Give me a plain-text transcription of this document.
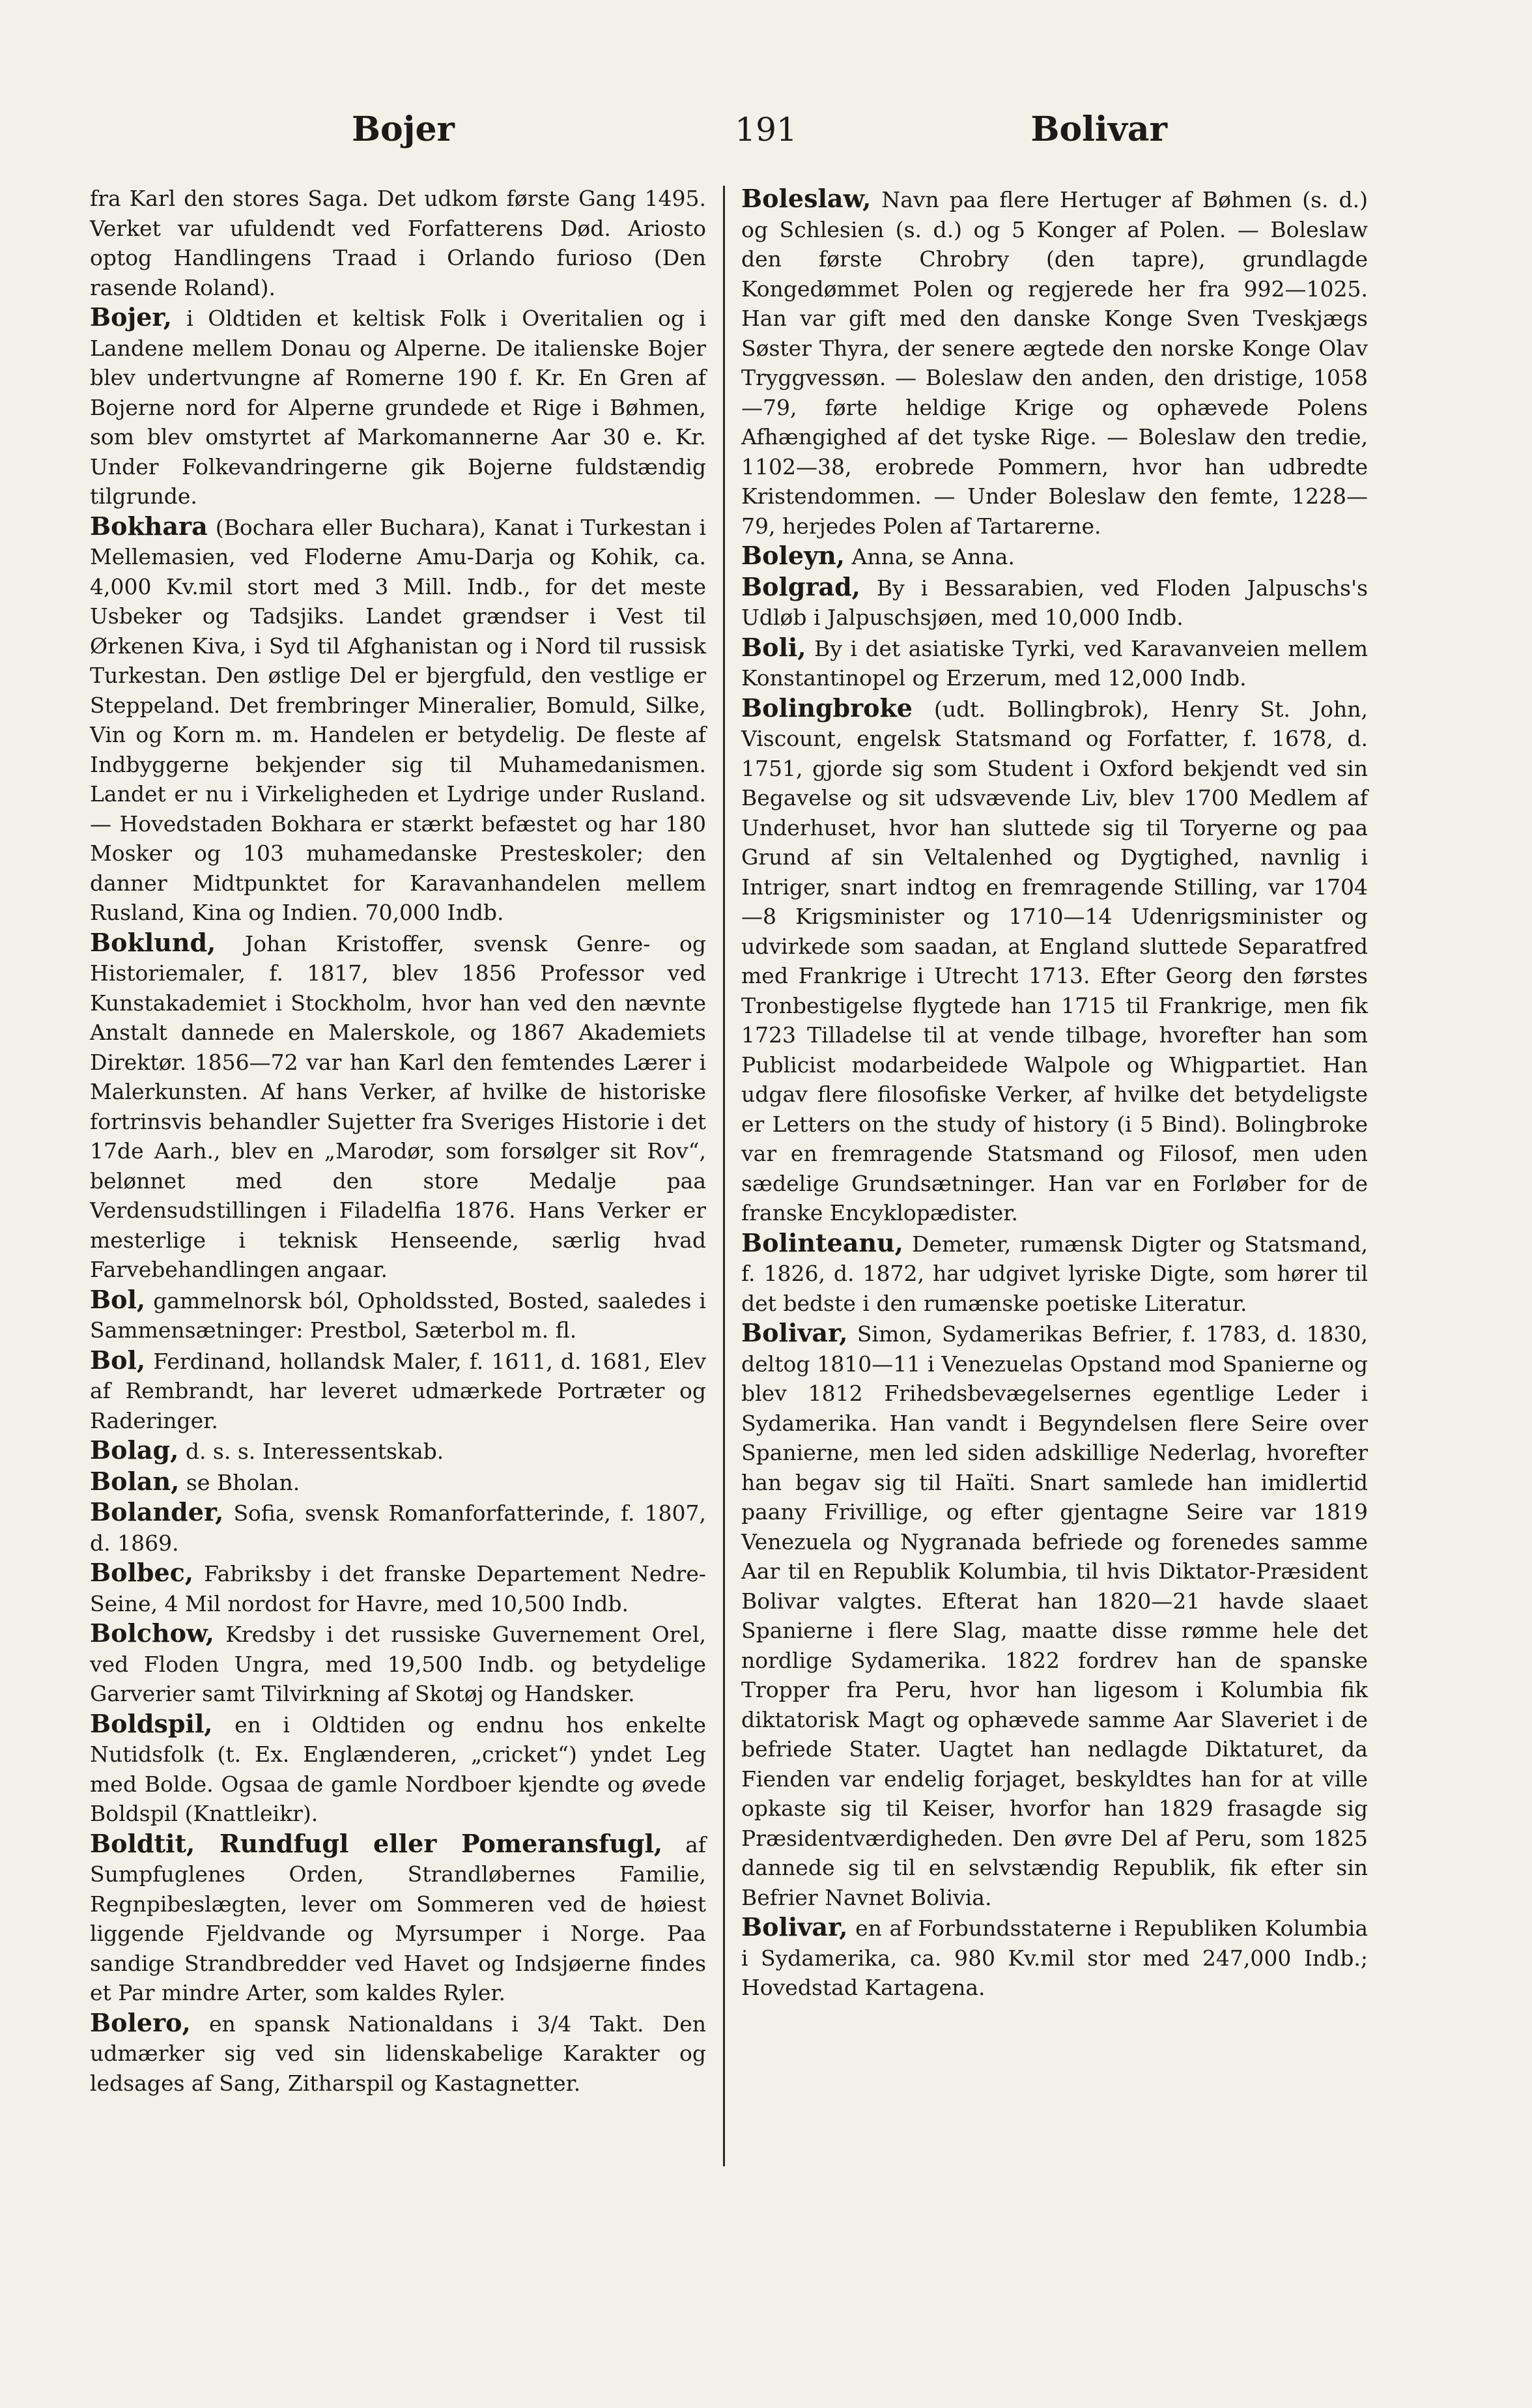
Bojer	191	Bolivar

fra Karl den stores Saga. Det udkom første Gang 1495. Verket var ufuldendt ved Forfatterens Død. Ariosto optog Handlingens Traad i Orlando furioso (Den rasende Roland).

Bojer, i Oldtiden et keltisk Folk i Overitalien og i Landene mellem Donau og Alperne. De italienske Bojer blev undertvungne af Romerne 190 f. Kr. En Gren af Bojerne nord for Alperne grundede et Rige i Bøhmen, som blev omstyrtet af Markomannerne Aar 30 e. Kr. Under Folkevandringerne gik Bojerne fuldstændig tilgrunde.

Bokhara (Bochara eller Buchara), Kanat i Turkestan i Mellemasien, ved Floderne Amu-Darja og Kohik, ca. 4,000 Kv.mil stort med 3 Mill. Indb., for det meste Usbeker og Tadsjiks. Landet grændser i Vest til Ørkenen Kiva, i Syd til Afghanistan og i Nord til russisk Turkestan. Den østlige Del er bjergfuld, den vestlige er Steppeland. Det frembringer Mineralier, Bomuld, Silke, Vin og Korn m. m. Handelen er betydelig. De fleste af Indbyggerne bekjender sig til Muhamedanismen. Landet er nu i Virkeligheden et Lydrige under Rusland. — Hovedstaden Bokhara er stærkt befæstet og har 180 Mosker og 103 muhamedanske Presteskoler; den danner Midtpunktet for Karavanhandelen mellem Rusland, Kina og Indien. 70,000 Indb.

Boklund, Johan Kristoffer, svensk Genre- og Historiemaler, f. 1817, blev 1856 Professor ved Kunstakademiet i Stockholm, hvor han ved den nævnte Anstalt dannede en Malerskole, og 1867 Akademiets Direktør. 1856—72 var han Karl den femtendes Lærer i Malerkunsten. Af hans Verker, af hvilke de historiske fortrinsvis behandler Sujetter fra Sveriges Historie i det 17de Aarh., blev en „Marodør, som forsølger sit Rov“, belønnet med den store Medalje paa Verdensudstillingen i Filadelfia 1876. Hans Verker er mesterlige i teknisk Henseende, særlig hvad Farvebehandlingen angaar.

Bol, gammelnorsk ból, Opholdssted, Bosted, saaledes i Sammensætninger: Prestbol, Sæterbol m. fl.

Bol, Ferdinand, hollandsk Maler, f. 1611, d. 1681, Elev af Rembrandt, har leveret udmærkede Portræter og Raderinger.

Bolag, d. s. s. Interessentskab.

Bolan, se Bholan.

Bolander, Sofia, svensk Romanforfatterinde, f. 1807, d. 1869.

Bolbec, Fabriksby i det franske Departement Nedre-Seine, 4 Mil nordost for Havre, med 10,500 Indb.

Bolchow, Kredsby i det russiske Guvernement Orel, ved Floden Ungra, med 19,500 Indb. og betydelige Garverier samt Tilvirkning af Skotøj og Handsker.

Boldspil, en i Oldtiden og endnu hos enkelte Nutidsfolk (t. Ex. Englænderen, „cricket“) yndet Leg med Bolde. Ogsaa de gamle Nordboer kjendte og øvede Boldspil (Knattleikr).

Boldtit, Rundfugl eller Pomeransfugl, af Sumpfuglenes Orden, Strandløbernes Familie, Regnpibeslægten, lever om Sommeren ved de høiest liggende Fjeldvande og Myrsumper i Norge. Paa sandige Strandbredder ved Havet og Indsjøerne findes et Par mindre Arter, som kaldes Ryler.

Bolero, en spansk Nationaldans i 3/4 Takt. Den udmærker sig ved sin lidenskabelige Karakter og ledsages af Sang, Zitharspil og Kastagnetter.

Boleslaw, Navn paa flere Hertuger af Bøhmen (s. d.) og Schlesien (s. d.) og 5 Konger af Polen. — Boleslaw den første Chrobry (den tapre), grundlagde Kongedømmet Polen og regjerede her fra 992—1025. Han var gift med den danske Konge Sven Tveskjægs Søster Thyra, der senere ægtede den norske Konge Olav Tryggvessøn. — Boleslaw den anden, den dristige, 1058—79, førte heldige Krige og ophævede Polens Afhængighed af det tyske Rige. — Boleslaw den tredie, 1102—38, erobrede Pommern, hvor han udbredte Kristendommen. — Under Boleslaw den femte, 1228—79, herjedes Polen af Tartarerne.

Boleyn, Anna, se Anna.

Bolgrad, By i Bessarabien, ved Floden Jalpuschs's Udløb i Jalpuschsjøen, med 10,000 Indb.

Boli, By i det asiatiske Tyrki, ved Karavanveien mellem Konstantinopel og Erzerum, med 12,000 Indb.

Bolingbroke (udt. Bollingbrok), Henry St. John, Viscount, engelsk Statsmand og Forfatter, f. 1678, d. 1751, gjorde sig som Student i Oxford bekjendt ved sin Begavelse og sit udsvævende Liv, blev 1700 Medlem af Underhuset, hvor han sluttede sig til Toryerne og paa Grund af sin Veltalenhed og Dygtighed, navnlig i Intriger, snart indtog en fremragende Stilling, var 1704—8 Krigsminister og 1710—14 Udenrigsminister og udvirkede som saadan, at England sluttede Separatfred med Frankrige i Utrecht 1713. Efter Georg den førstes Tronbestigelse flygtede han 1715 til Frankrige, men fik 1723 Tilladelse til at vende tilbage, hvorefter han som Publicist modarbeidede Walpole og Whigpartiet. Han udgav flere filosofiske Verker, af hvilke det betydeligste er Letters on the study of history (i 5 Bind). Bolingbroke var en fremragende Statsmand og Filosof, men uden sædelige Grundsætninger. Han var en Forløber for de franske Encyklopædister.

Bolinteanu, Demeter, rumænsk Digter og Statsmand, f. 1826, d. 1872, har udgivet lyriske Digte, som hører til det bedste i den rumænske poetiske Literatur.

Bolivar, Simon, Sydamerikas Befrier, f. 1783, d. 1830, deltog 1810—11 i Venezuelas Opstand mod Spanierne og blev 1812 Frihedsbevægelsernes egentlige Leder i Sydamerika. Han vandt i Begyndelsen flere Seire over Spanierne, men led siden adskillige Nederlag, hvorefter han begav sig til Haïti. Snart samlede han imidlertid paany Frivillige, og efter gjentagne Seire var 1819 Venezuela og Nygranada befriede og forenedes samme Aar til en Republik Kolumbia, til hvis Diktator-Præsident Bolivar valgtes. Efterat han 1820—21 havde slaaet Spanierne i flere Slag, maatte disse rømme hele det nordlige Sydamerika. 1822 fordrev han de spanske Tropper fra Peru, hvor han ligesom i Kolumbia fik diktatorisk Magt og ophævede samme Aar Slaveriet i de befriede Stater. Uagtet han nedlagde Diktaturet, da Fienden var endelig forjaget, beskyldtes han for at ville opkaste sig til Keiser, hvorfor han 1829 frasagde sig Præsidentværdigheden. Den øvre Del af Peru, som 1825 dannede sig til en selvstændig Republik, fik efter sin Befrier Navnet Bolivia.

Bolivar, en af Forbundsstaterne i Republiken Kolumbia i Sydamerika, ca. 980 Kv.mil stor med 247,000 Indb.; Hovedstad Kartagena.
